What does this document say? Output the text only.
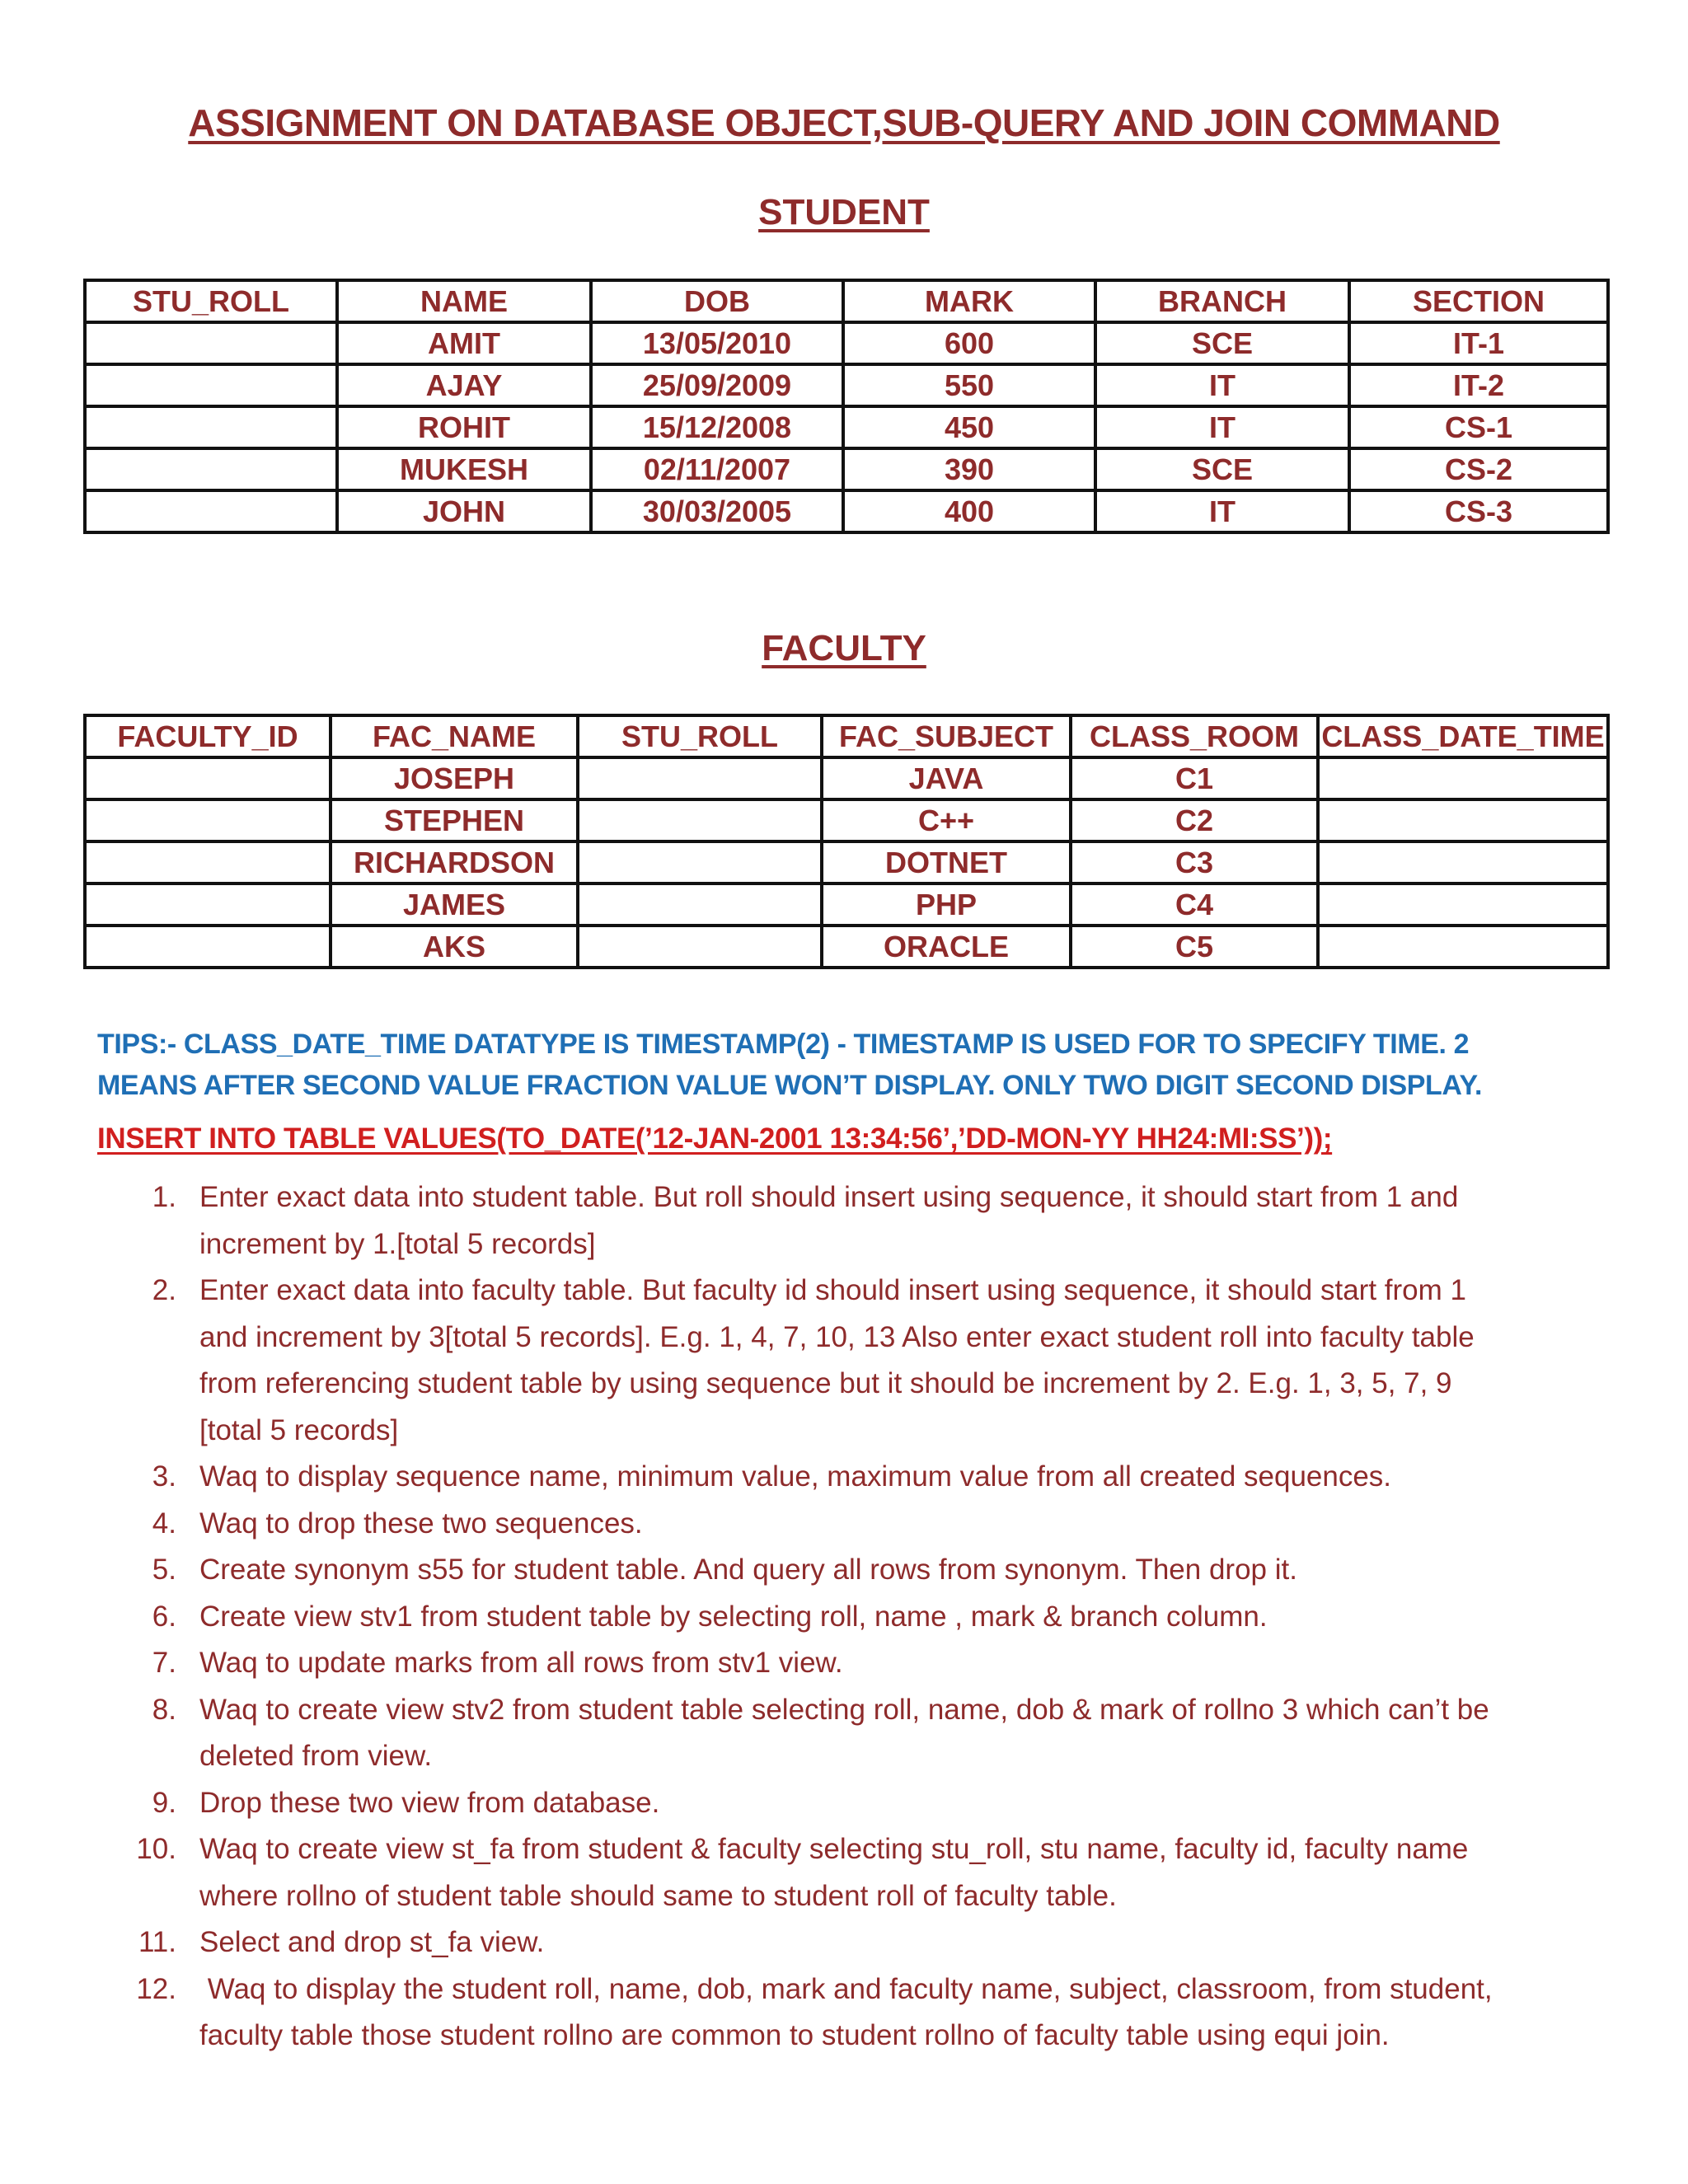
ASSIGNMENT ON DATABASE OBJECT,SUB-QUERY AND JOIN COMMAND
STUDENT
STU_ROLL	NAME	DOB	MARK	BRANCH	SECTION
	AMIT	13/05/2010	600	SCE	IT-1
	AJAY	25/09/2009	550	IT	IT-2
	ROHIT	15/12/2008	450	IT	CS-1
	MUKESH	02/11/2007	390	SCE	CS-2
	JOHN	30/03/2005	400	IT	CS-3
FACULTY
FACULTY_ID	FAC_NAME	STU_ROLL	FAC_SUBJECT	CLASS_ROOM	CLASS_DATE_TIME
	JOSEPH		JAVA	C1	
	STEPHEN		C++	C2	
	RICHARDSON		DOTNET	C3	
	JAMES		PHP	C4	
	AKS		ORACLE	C5	
TIPS:- CLASS_DATE_TIME DATATYPE IS TIMESTAMP(2) - TIMESTAMP IS USED FOR TO SPECIFY TIME. 2
MEANS AFTER SECOND VALUE FRACTION VALUE WON’T DISPLAY. ONLY TWO DIGIT SECOND DISPLAY.
INSERT INTO TABLE VALUES(TO_DATE(’12-JAN-2001 13:34:56’,’DD-MON-YY HH24:MI:SS’));
1. Enter exact data into student table. But roll should insert using sequence, it should start from 1 and
increment by 1.[total 5 records]
2. Enter exact data into faculty table. But faculty id should insert using sequence, it should start from 1
and increment by 3[total 5 records]. E.g. 1, 4, 7, 10, 13 Also enter exact student roll into faculty table
from referencing student table by using sequence but it should be increment by 2. E.g. 1, 3, 5, 7, 9
[total 5 records]
3. Waq to display sequence name, minimum value, maximum value from all created sequences.
4. Waq to drop these two sequences.
5. Create synonym s55 for student table. And query all rows from synonym. Then drop it.
6. Create view stv1 from student table by selecting roll, name , mark & branch column.
7. Waq to update marks from all rows from stv1 view.
8. Waq to create view stv2 from student table selecting roll, name, dob & mark of rollno 3 which can’t be
deleted from view.
9. Drop these two view from database.
10. Waq to create view st_fa from student & faculty selecting stu_roll, stu name, faculty id, faculty name
where rollno of student table should same to student roll of faculty table.
11. Select and drop st_fa view.
12. Waq to display the student roll, name, dob, mark and faculty name, subject, classroom, from student,
faculty table those student rollno are common to student rollno of faculty table using equi join.
